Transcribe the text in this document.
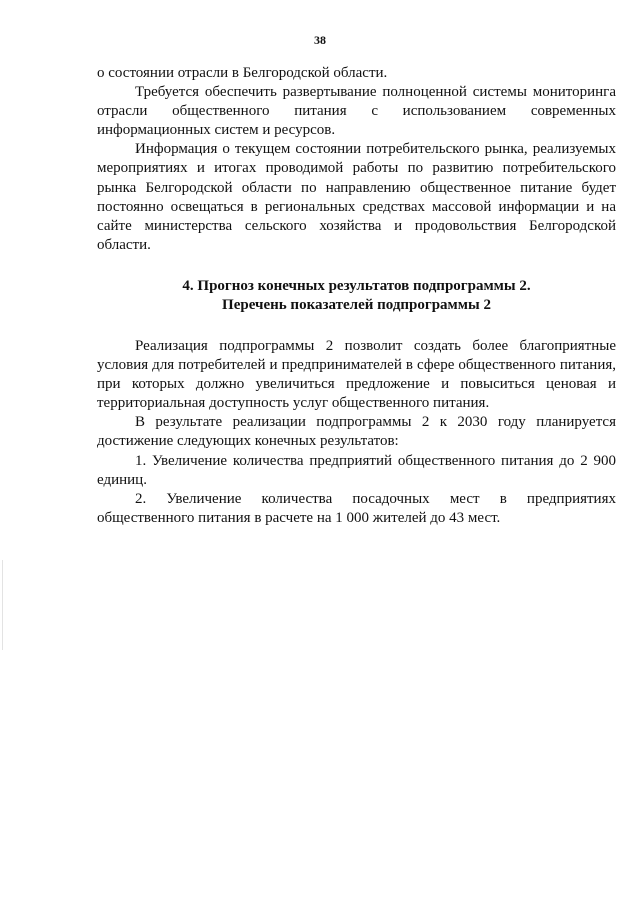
38

о состоянии отрасли в Белгородской области.

Требуется обеспечить развертывание полноценной системы мониторинга отрасли общественного питания с использованием современных информационных систем и ресурсов.

Информация о текущем состоянии потребительского рынка, реализуемых мероприятиях и итогах проводимой работы по развитию потребительского рынка Белгородской области по направлению общественное питание будет постоянно освещаться в региональных средствах массовой информации и на сайте министерства сельского хозяйства и продовольствия Белгородской области.

4. Прогноз конечных результатов подпрограммы 2.
Перечень показателей подпрограммы 2

Реализация подпрограммы 2 позволит создать более благоприятные условия для потребителей и предпринимателей в сфере общественного питания, при которых должно увеличиться предложение и повыситься ценовая и территориальная доступность услуг общественного питания.

В результате реализации подпрограммы 2 к 2030 году планируется достижение следующих конечных результатов:

1. Увеличение количества предприятий общественного питания до 2 900 единиц.

2. Увеличение количества посадочных мест в предприятиях общественного питания в расчете на 1 000 жителей до 43 мест.
